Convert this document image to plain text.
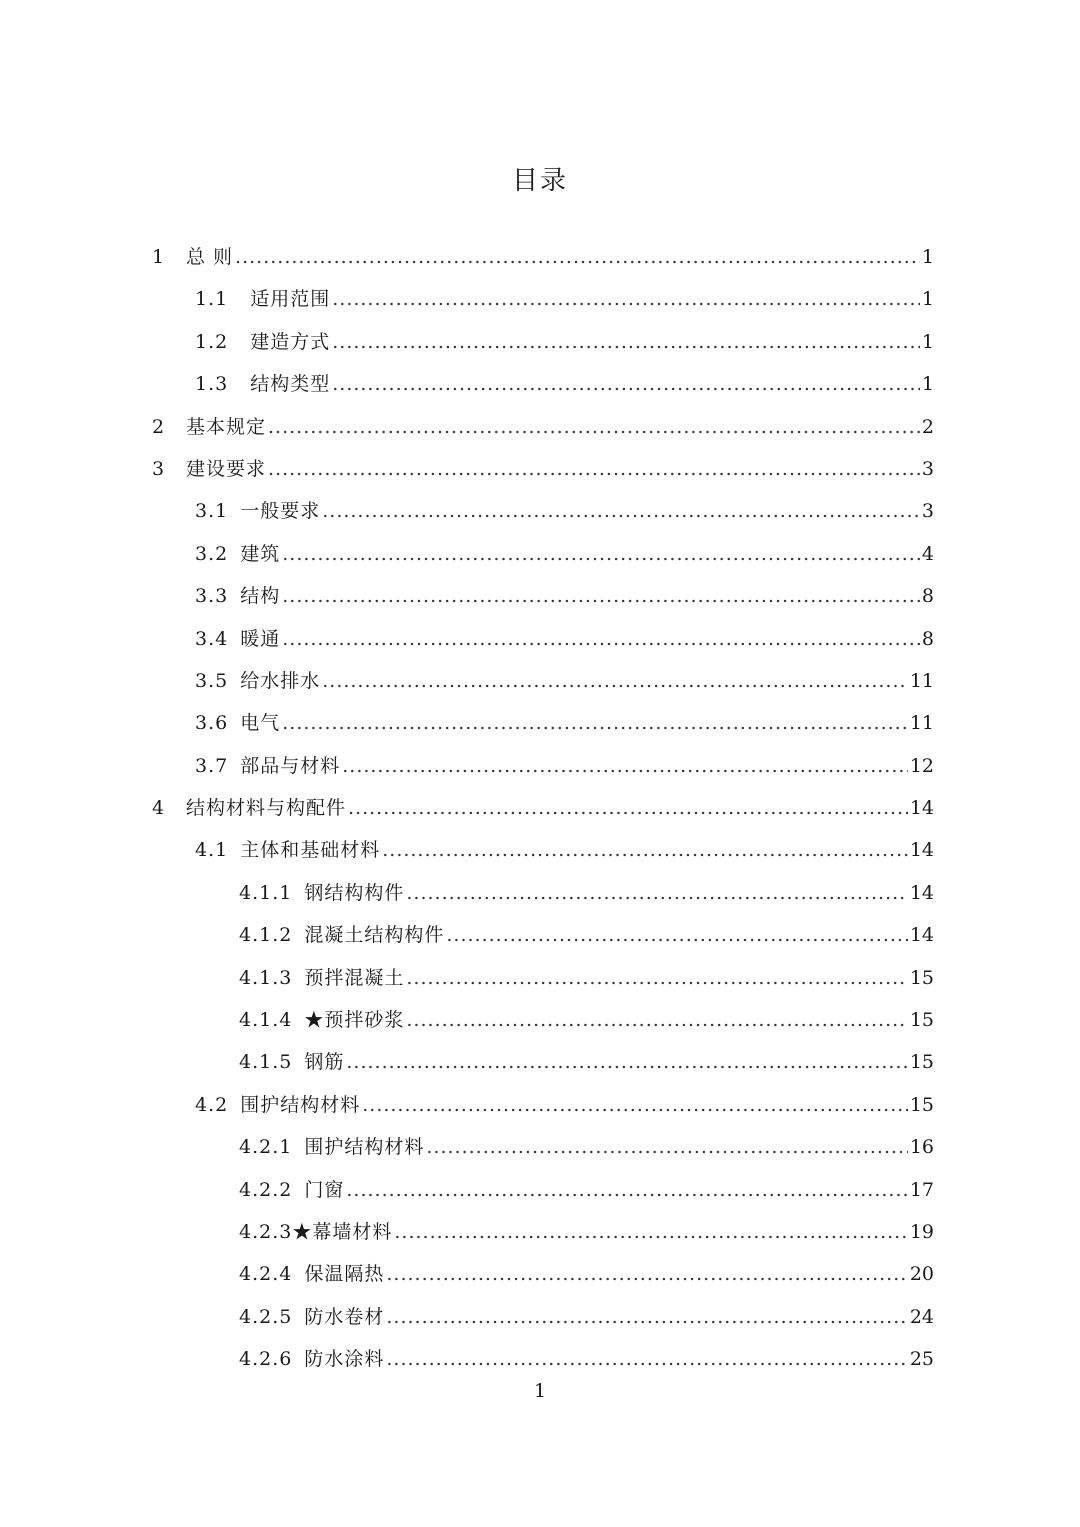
目录
1	总 则 .....	1
1.1 适用范围 .....	1
1.2 建造方式 .....	1
1.3 结构类型 .....	1
2	基本规定 .....	2
3	建设要求 .....	3
3.1 一般要求 .....	3
3.2 建筑 .....	4
3.3 结构 .....	8
3.4 暖通 .....	8
3.5 给水排水 .....	11
3.6 电气 .....	11
3.7 部品与材料 .....	12
4	结构材料与构配件 .....	14
4.1 主体和基础材料 .....	14
4.1.1 钢结构构件 .....	14
4.1.2 混凝土结构构件 .....	14
4.1.3 预拌混凝土 .....	15
4.1.4 ★预拌砂浆 .....	15
4.1.5 钢筋 .....	15
4.2 围护结构材料 .....	15
4.2.1 围护结构材料 .....	16
4.2.2 门窗 .....	17
4.2.3 ★幕墙材料 .....	19
4.2.4 保温隔热 .....	20
4.2.5 防水卷材 .....	24
4.2.6 防水涂料 .....	25
1
